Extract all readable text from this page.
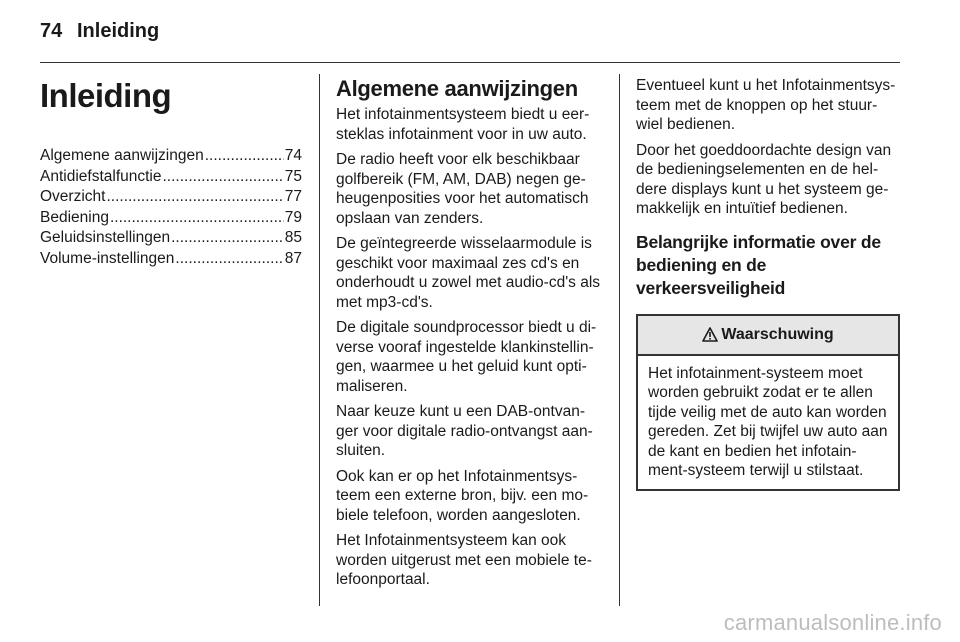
74 Inleiding
Inleiding
Algemene aanwijzingen .....	74
Antidiefstalfunctie .....	75
Overzicht .....	77
Bediening .....	79
Geluidsinstellingen .....	85
Volume-instellingen .....	87
Algemene aanwijzingen

Het infotainmentsysteem biedt u eer-steklas infotainment voor in uw auto.

De radio heeft voor elk beschikbaar golfbereik (FM, AM, DAB) negen ge-heugenposities voor het automatisch opslaan van zenders.

De geïntegreerde wisselaarmodule is geschikt voor maximaal zes cd's en onderhoudt u zowel met audio-cd's als met mp3-cd's.

De digitale soundprocessor biedt u di-verse vooraf ingestelde klankinstellin-gen, waarmee u het geluid kunt opti-maliseren.

Naar keuze kunt u een DAB-ontvan-ger voor digitale radio-ontvangst aan-sluiten.

Ook kan er op het Infotainmentsys-teem een externe bron, bijv. een mo-biele telefoon, worden aangesloten.

Het Infotainmentsysteem kan ook worden uitgerust met een mobiele te-lefoonportaal.

Eventueel kunt u het Infotainmentsys-teem met de knoppen op het stuur-wiel bedienen.

Door het goeddoordachte design van de bedieningselementen en de hel-dere displays kunt u het systeem ge-makkelijk en intuïtief bedienen.

Belangrijke informatie over de bediening en de verkeersveiligheid
Waarschuwing
Het infotainment-systeem moet worden gebruikt zodat er te allen tijde veilig met de auto kan worden gereden. Zet bij twijfel uw auto aan de kant en bedien het infotain-ment-systeem terwijl u stilstaat.
carmanualsonline.info
